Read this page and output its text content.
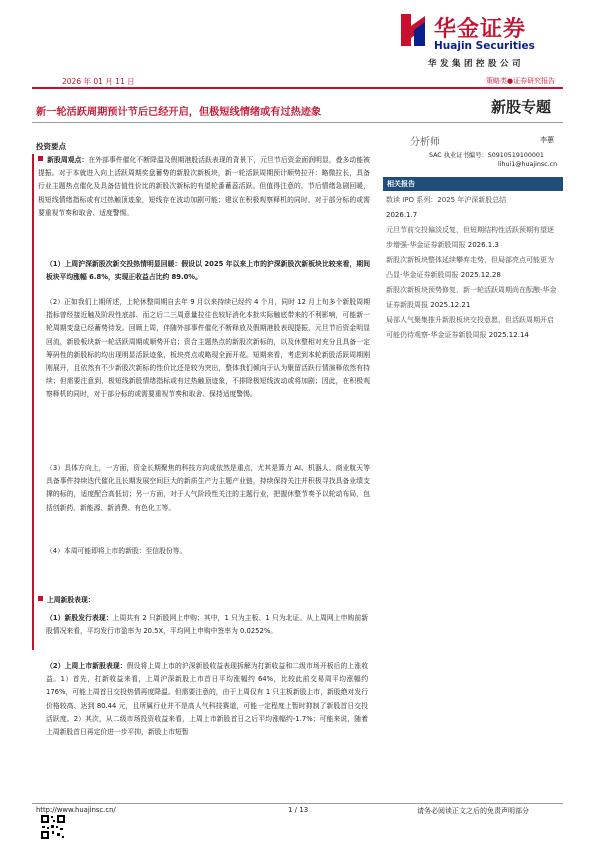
华金证券
Huajin Securities
华发集团控股公司
2026 年 01 月 11 日	策略类●证券研究报告
新一轮活跃周期预计节后已经开启，但极短线情绪或有过热迹象	新股专题
投资要点
新股周观点：在外部事件催化不断降温及假期港股活跃表现的背景下，元旦节后资金面润明显，叠多动能被提振。对于本就进入向上活跃周期奖盘蓄势的新股次新板块，新一轮活跃周期预计顺势拉开：略微拉长，具备行业主题热点催化及具备估值性价比的新股次新标的有望轮番蓄蕊活跃。但值得注意的，节后情绪急剧回暖，极短线情绪指标或有过热触顶迹象，短线存在波动加剧可能；建议在积极观察释机的同时，对于部分标的或需要重视节奏和取舍、适度警惕。
（1）上周沪深新股次新交投热情明显回暖：假设以 2025 年以来上市的沪深新股次新板块比较来看，期间板块平均涨幅 6.8%，实现正收益占比约 89.0%。
（2）正如我们上期所述，上轮休整周期自去年 9 月以来持续已经约 4 个月，同时 12 月上旬多个新股周期指标曾经接近触及阶段性底部、而之后二三周意量拉往也较好消化本批实际触底带来的不利影响，可能新一轮周期变盘已经蓄势待发。回顾上周，伴随外部事件催化不断释放及假期港股表现提振，元旦节后资金明显回流，新股板块新一轮活跃周期或顺势开启；资合主题热点的新股次新标的，以及休整相对充分且具备一定筹码性的新股标的均出现明显活跃迹象，板块亮点或略现全面开花。短期来看，考虑到本轮新股活跃周期刚刚展开，且依然有不少新股次新标的性价比还是较为突出，整体我们倾向于认为聚留活跃行情演释依然有持续；但需要注意到，极短线新股情绪指标或有过热触顶迹象，不排除极短线波动或将加剧；因此，在积极观察释机的同时，对于部分标的或需要重视节奏和取舍、保持适度警惕。
（3）具体方向上，一方面，资金长期聚焦的科技方向或依然是重点，尤其是算力 AI、机器人、商业航天等具备事件持续迭代催化且长期发展空间巨大的新质生产力主题产业链，持续保持关注并积极寻找具备业绩支撑的标的，适度配合高低切；另一方面，对于人气阶段性关注的主题行业，把握休整节奏予以轮动布局，包括创新药、新能源、新消费、有色化工等。
（4）本周可能即将上市的新股：至信股份等。
上周新股表现：
（1）新股发行表现：上周共有 2 只新股网上申购；其中，1 只为主板、1 只为北证。从上周网上申购前新股情况来看，平均发行市盈率为 20.5X，平均网上申购中签率为 0.0252%。
（2）上周上市新股表现：假设将上周上市的沪深新股收益表现拆解为打新收益和二级市场开板后的上涨收益。1）首先，打新收益来看，上周沪深新股上市首日平均涨幅约 64%，比较此前交易周平均涨幅约 176%，可能上周首日交投热情再度降温。但需要注意的，由于上周仅有 1 只主板新股上市，新股绝对发行价格较高、达到 80.44 元，且所属行业并不是高人气科技赛道，可能一定程度上暂时抑制了新股首日交投活跃度。2）其次，从二级市场投资收益来看，上周上市新股首日之后平均涨幅约-1.7%；可能来说，随着上周新股首日再定价进一步平抑，新股上市短暂
分析师	李蕙
SAC 执业证书编号：S0910519100001
lihui1@huajinsc.cn
相关报告
数读 IPO 系列：2025 年沪深新股总结
2026.1.7
元旦节前交投偏淡反复，但短期结构性活跃预期有望逐步增强-华金证券新股周报 2026.1.3
新股次新板块整体延续攀弃走势，但局部亮点可能更为凸显-华金证券新股周报 2025.12.28
新股次新板块预势修复，新一轮活跃周期尚在酝酿-华金证券新股周报 2025.12.21
局部人气聚集推升新股板块交投意愿，但活跃周期开启可能仍待观察-华金证券新股周报 2025.12.14
http://www.huajinsc.cn/	1 / 13	请务必阅读正文之后的免责声明部分
